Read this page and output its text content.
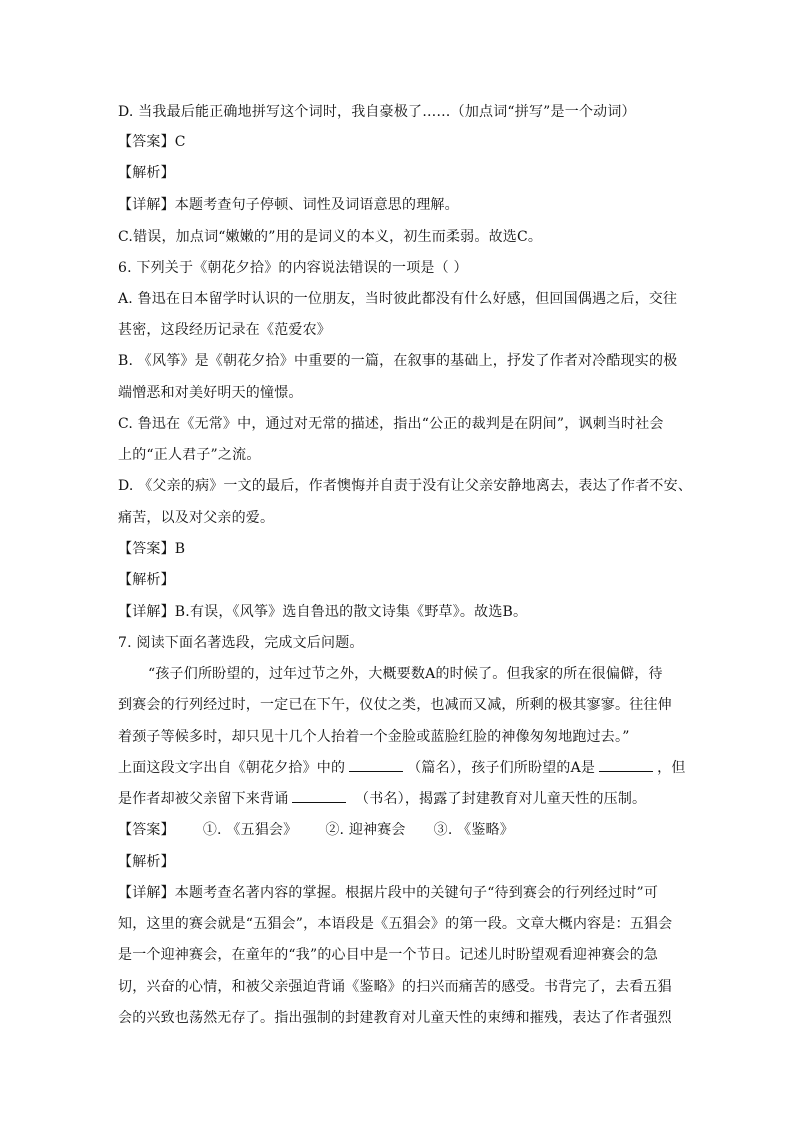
D. 当我最后能正确地拼写这个词时，我自豪极了……（加点词“拼写”是一个动词）
【答案】C
【解析】
【详解】本题考查句子停顿、词性及词语意思的理解。
C.错误，加点词“嫩嫩的”用的是词义的本义，初生而柔弱。故选C。
6. 下列关于《朝花夕拾》的内容说法错误的一项是（ ）
A. 鲁迅在日本留学时认识的一位朋友，当时彼此都没有什么好感，但回国偶遇之后，交往
甚密，这段经历记录在《范爱农》
B. 《风筝》是《朝花夕拾》中重要的一篇，在叙事的基础上，抒发了作者对冷酷现实的极
端憎恶和对美好明天的憧憬。
C. 鲁迅在《无常》中，通过对无常的描述，指出“公正的裁判是在阴间”，讽刺当时社会
上的“正人君子”之流。
D. 《父亲的病》一文的最后，作者懊悔并自责于没有让父亲安静地离去，表达了作者不安、
痛苦，以及对父亲的爱。
【答案】B
【解析】
【详解】B.有误，《风筝》选自鲁迅的散文诗集《野草》。故选B。
7. 阅读下面名著选段，完成文后问题。
“孩子们所盼望的，过年过节之外，大概要数A的时候了。但我家的所在很偏僻，待
到赛会的行列经过时，一定已在下午，仪仗之类，也减而又减，所剩的极其寥寥。往往伸
着颈子等候多时，却只见十几个人抬着一个金脸或蓝脸红脸的神像匆匆地跑过去。”
上面这段文字出自《朝花夕拾》中的	（篇名），孩子们所盼望的A是	，但
是作者却被父亲留下来背诵	（书名），揭露了封建教育对儿童天性的压制。
【答案】 ①. 《五猖会》 ②. 迎神赛会 ③. 《鉴略》
【解析】
【详解】本题考查名著内容的掌握。根据片段中的关键句子“待到赛会的行列经过时”可
知，这里的赛会就是“五猖会”，本语段是《五猖会》的第一段。文章大概内容是：五猖会
是一个迎神赛会，在童年的“我”的心目中是一个节日。记述儿时盼望观看迎神赛会的急
切，兴奋的心情，和被父亲强迫背诵《鉴略》的扫兴而痛苦的感受。书背完了，去看五猖
会的兴致也荡然无存了。指出强制的封建教育对儿童天性的束缚和摧残，表达了作者强烈
